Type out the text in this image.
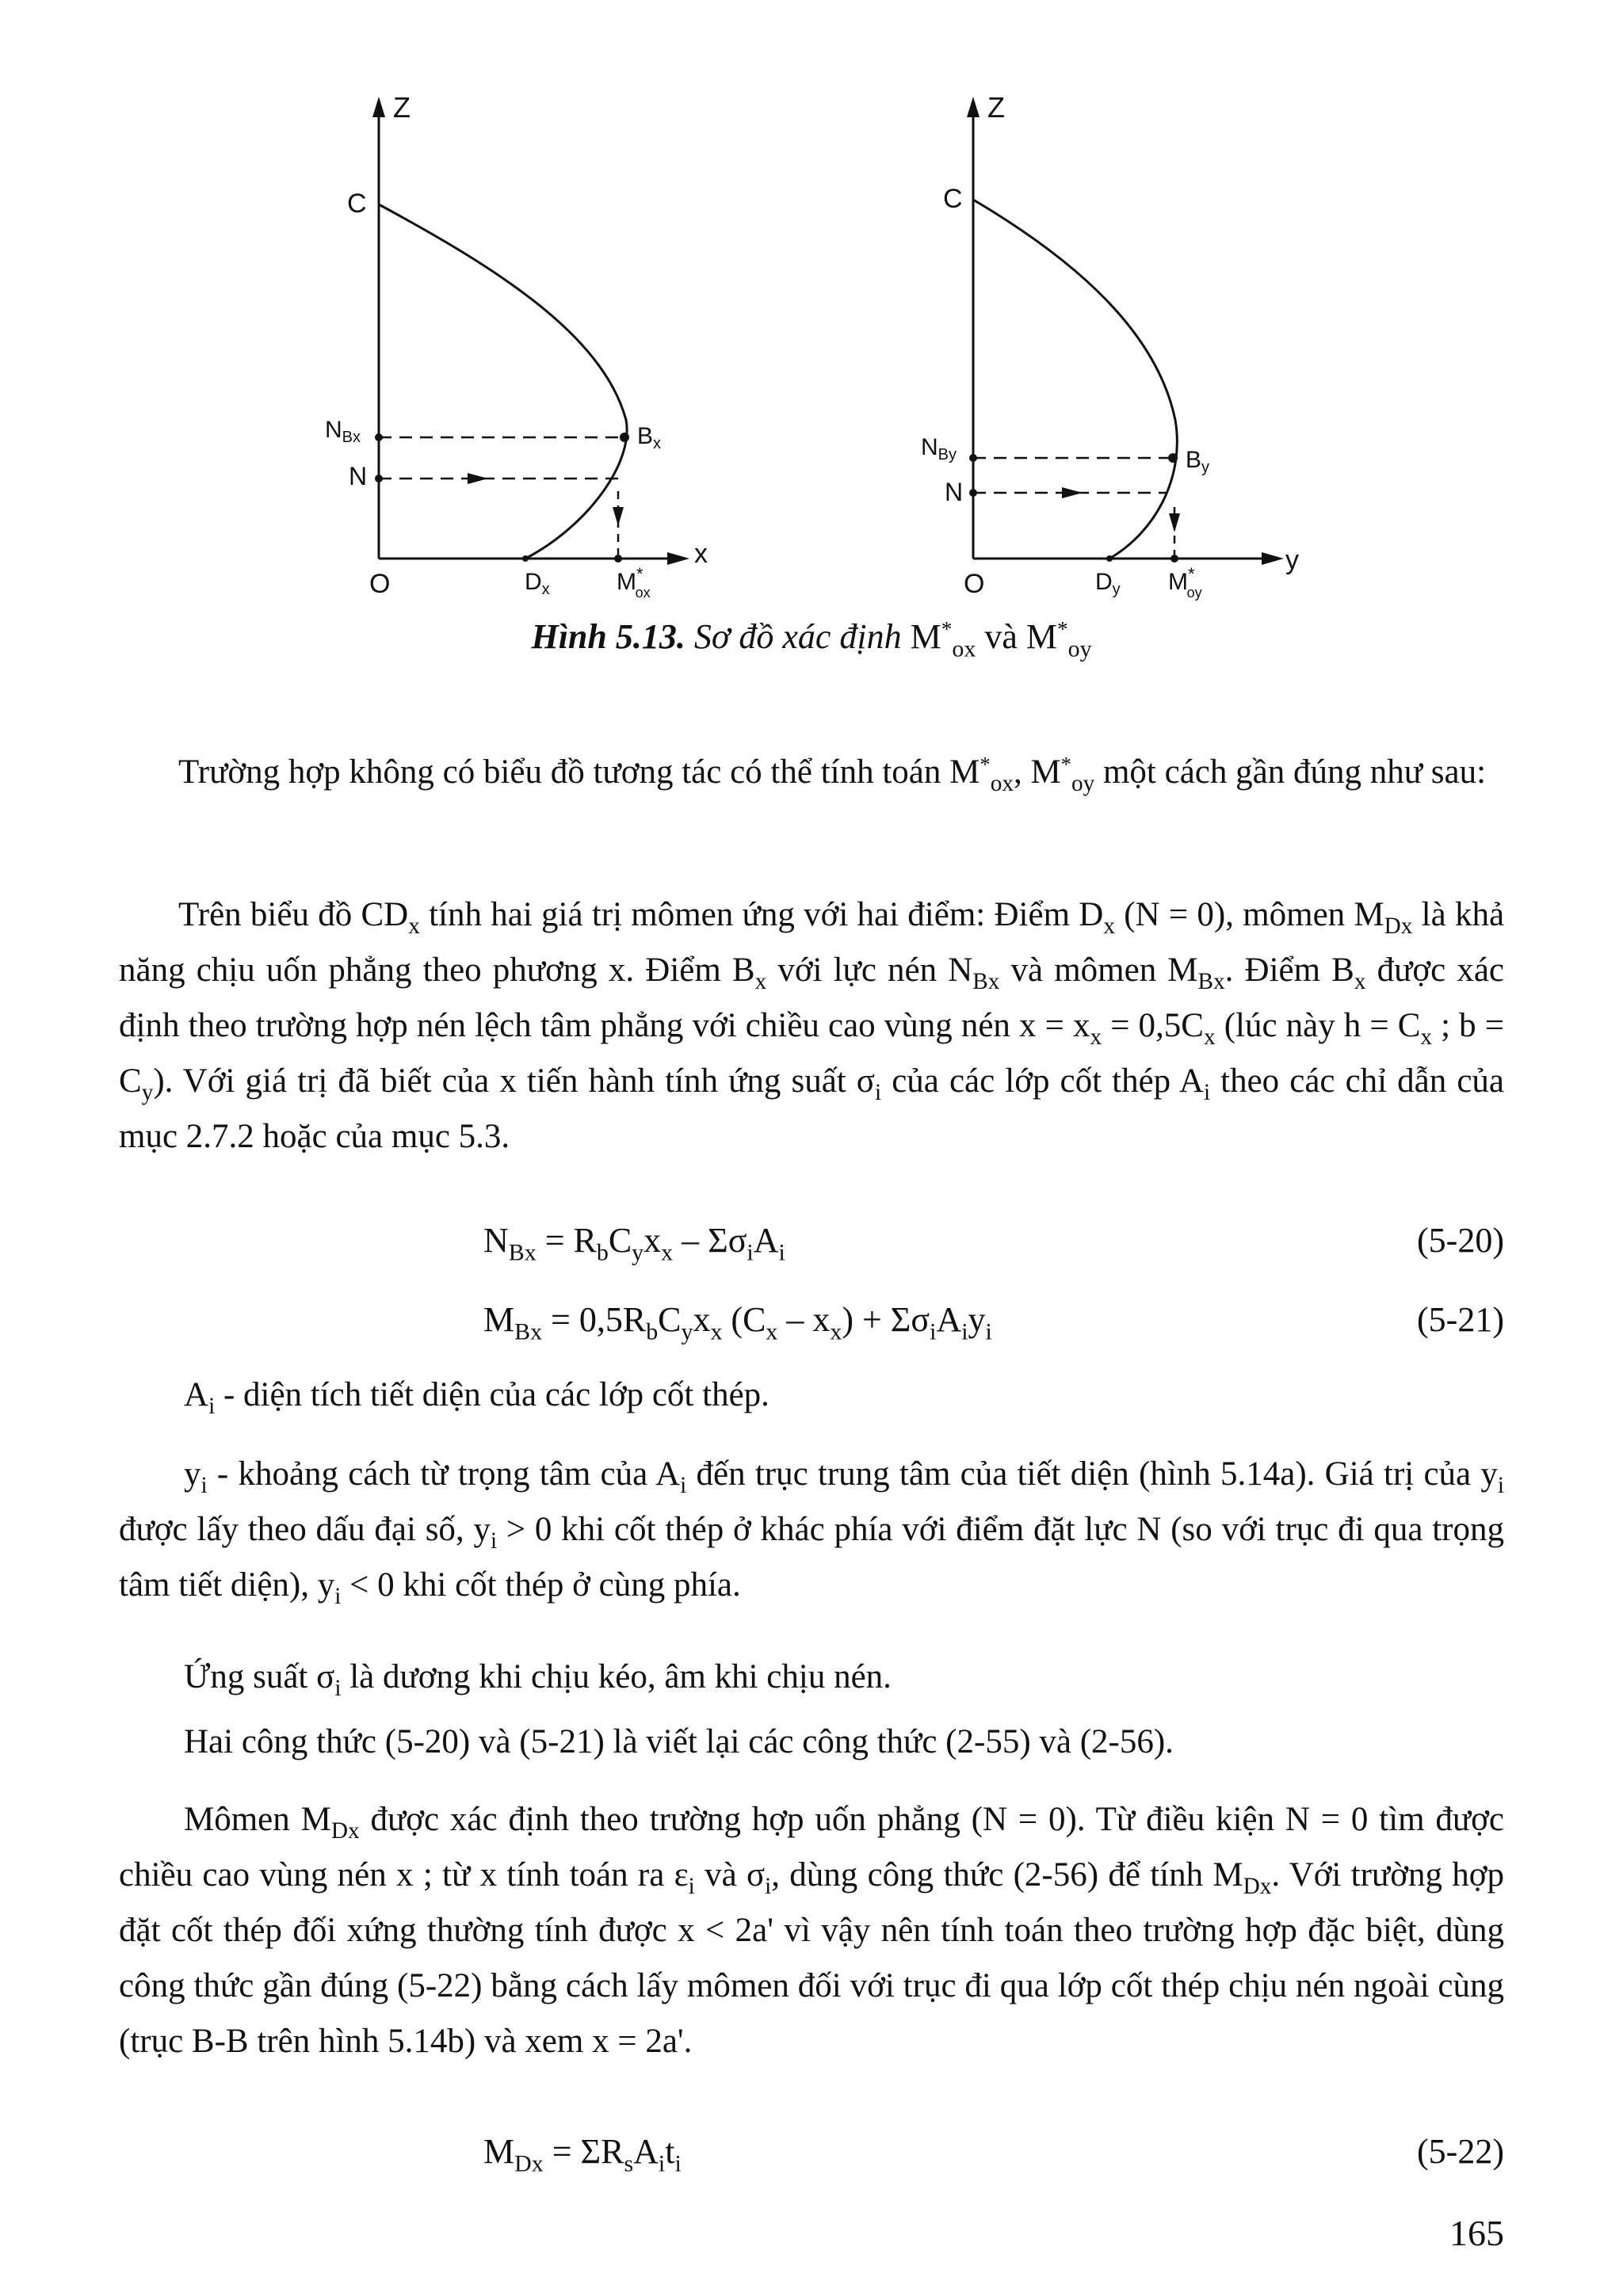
Z
C
$N_{Bx}$
N
O	$D_x$
$B_x$
M* ox
x
Z
C
$N_{By}$
N
O	$D_y$
$B_y$
M* oy
y
Hình 5.13. Sơ đồ xác định $M^*_{ox}$ và $M^*_{oy}$
Trường hợp không có biểu đồ tương tác có thể tính toán $M^*_{ox}$, $M^*_{oy}$ một cách gần đúng như sau:
Trên biểu đồ $CD_x$ tính hai giá trị mômen ứng với hai điểm: Điểm $D_x$ (N = 0), mômen $M_{Dx}$ là khả năng chịu uốn phẳng theo phương x. Điểm $B_x$ với lực nén $N_{Bx}$ và mômen $M_{Bx}$. Điểm $B_x$ được xác định theo trường hợp nén lệch tâm phẳng với chiều cao vùng nén $x = x_x = 0,5C_x$ (lúc này $h = C_x$ ; $b = C_y$). Với giá trị đã biết của x tiến hành tính ứng suất $\sigma_i$ của các lớp cốt thép $A_i$ theo các chỉ dẫn của mục 2.7.2 hoặc của mục 5.3.
$N_{Bx} = R_bC_yx_x - \Sigma\sigma_iA_i$	(5-20)
$M_{Bx} = 0,5R_bC_yx_x$ $(C_x - x_x) + \Sigma\sigma_iA_iy_i$	(5-21)
$A_i$ - diện tích tiết diện của các lớp cốt thép.
$y_i$ - khoảng cách từ trọng tâm của $A_i$ đến trục trung tâm của tiết diện (hình 5.14a). Giá trị của $y_i$ được lấy theo dấu đại số, $y_i > 0$ khi cốt thép ở khác phía với điểm đặt lực N (so với trục đi qua trọng tâm tiết diện), $y_i < 0$ khi cốt thép ở cùng phía.
Ứng suất $\sigma_i$ là dương khi chịu kéo, âm khi chịu nén.
Hai công thức (5-20) và (5-21) là viết lại các công thức (2-55) và (2-56).
Mômen $M_{Dx}$ được xác định theo trường hợp uốn phẳng (N = 0). Từ điều kiện N = 0 tìm được chiều cao vùng nén x ; từ x tính toán ra $\varepsilon_i$ và $\sigma_i$, dùng công thức (2-56) để tính $M_{Dx}$. Với trường hợp đặt cốt thép đối xứng thường tính được x < 2a' vì vậy nên tính toán theo trường hợp đặc biệt, dùng công thức gần đúng (5-22) bằng cách lấy mômen đối với trục đi qua lớp cốt thép chịu nén ngoài cùng (trục B-B trên hình 5.14b) và xem x = 2a'.
$M_{Dx} = \Sigma R_sA_it_i$	(5-22)
165
